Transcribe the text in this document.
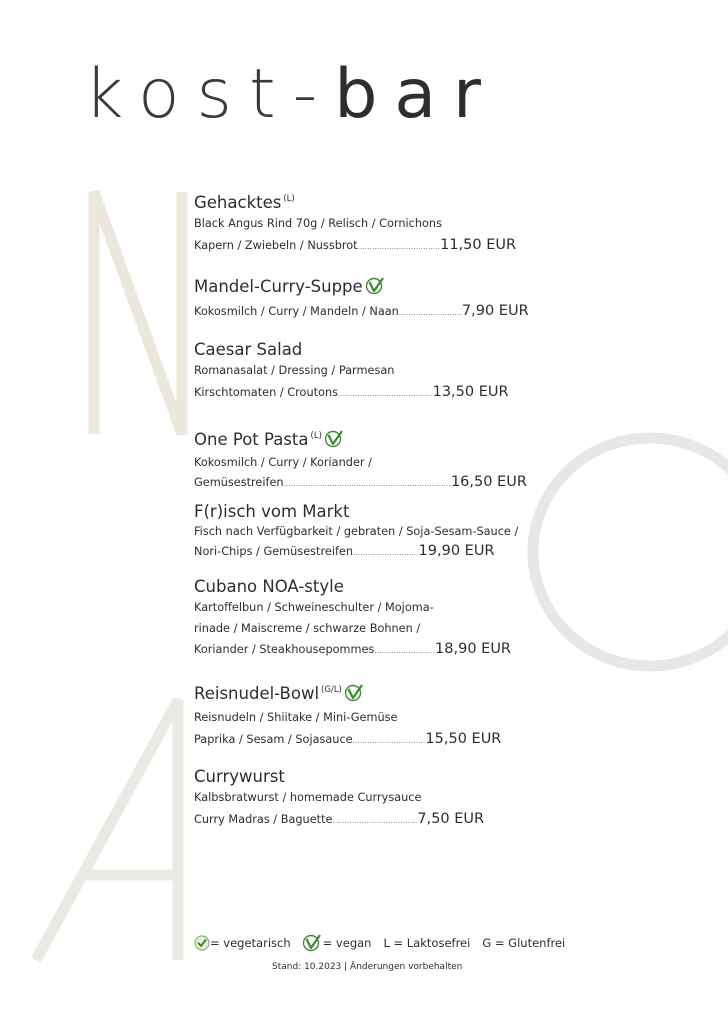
kost-bar
Gehacktes $^{(L)}$
Black Angus Rind 70g / Relisch / Cornichons
Kapern / Zwiebeln / Nussbrot .................................. 11,50 EUR
Mandel-Curry-Suppe
Kokosmilch / Curry / Mandeln / Naan .......................... 7,90 EUR
Caesar Salad
Romanasalat / Dressing / Parmesan
Kirschtomaten / Croutons ....................................... 13,50 EUR
One Pot Pasta $^{(L)}$
Kokosmilch / Curry / Koriander /
Gemüsestreifen ..................................................................... 16,50 EUR
F(r)isch vom Markt
Fisch nach Verfügbarkeit / gebraten / Soja-Sesam-Sauce /
Nori-Chips / Gemüsestreifen ........................... 19,90 EUR
Cubano NOA-style
Kartoffelbun / Schweineschulter / Mojoma-
rinade / Maiscreme / schwarze Bohnen /
Koriander / Steakhousepommes ......................... 18,90 EUR
Reisnudel-Bowl $^{(G/L)}$
Reisnudeln / Shiitake / Mini-Gemüse
Paprika / Sesam / Sojasauce .............................. 15,50 EUR
Currywurst
Kalbsbratwurst / homemade Currysauce
Curry Madras / Baguette ................................... 7,50 EUR
= vegetarisch	= vegan L = Laktosefrei G = Glutenfrei
Stand: 10.2023 | Änderungen vorbehalten
